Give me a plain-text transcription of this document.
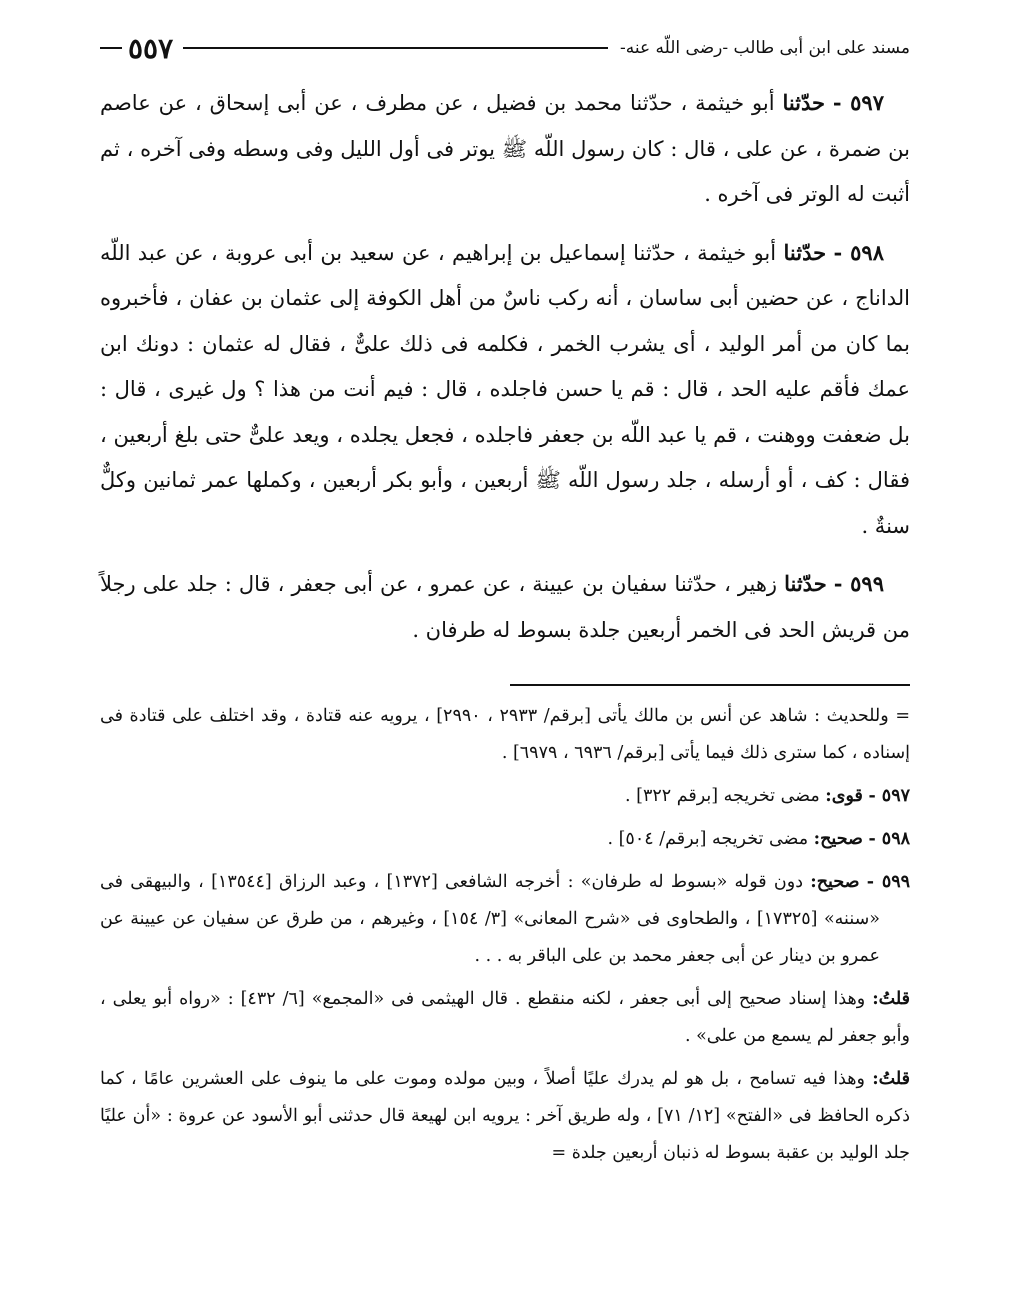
مسند على ابن أبى طالب -رضى اللّه عنه-
٥٥٧

٥٩٧ - حدّثنا أبو خيثمة ، حدّثنا محمد بن فضيل ، عن مطرف ، عن أبى إسحاق ، عن عاصم بن ضمرة ، عن على ، قال : كان رسول اللّه ﷺ يوتر فى أول الليل وفى وسطه وفى آخره ، ثم أثبت له الوتر فى آخره .

٥٩٨ - حدّثنا أبو خيثمة ، حدّثنا إسماعيل بن إبراهيم ، عن سعيد بن أبى عروبة ، عن عبد اللّه الداناج ، عن حضين أبى ساسان ، أنه ركب ناسٌ من أهل الكوفة إلى عثمان بن عفان ، فأخبروه بما كان من أمر الوليد ، أى يشرب الخمر ، فكلمه فى ذلك علىٌّ ، فقال له عثمان : دونك ابن عمك فأقم عليه الحد ، قال : قم يا حسن فاجلده ، قال : فيم أنت من هذا ؟ ول غيرى ، قال : بل ضعفت ووهنت ، قم يا عبد اللّه بن جعفر فاجلده ، فجعل يجلده ، ويعد علىٌّ حتى بلغ أربعين ، فقال : كف ، أو أرسله ، جلد رسول اللّه ﷺ أربعين ، وأبو بكر أربعين ، وكملها عمر ثمانين وكلٌّ سنةٌ .

٥٩٩ - حدّثنا زهير ، حدّثنا سفيان بن عيينة ، عن عمرو ، عن أبى جعفر ، قال : جلد على رجلاً من قريش الحد فى الخمر أربعين جلدة بسوط له طرفان .

= وللحديث : شاهد عن أنس بن مالك يأتى [برقم/ ٢٩٣٣ ، ٢٩٩٠] ، يرويه عنه قتادة ، وقد اختلف على قتادة فى إسناده ، كما سترى ذلك فيما يأتى [برقم/ ٦٩٣٦ ، ٦٩٧٩] .

٥٩٧ - قوى: مضى تخريجه [برقم ٣٢٢] .

٥٩٨ - صحيح: مضى تخريجه [برقم/ ٥٠٤] .

٥٩٩ - صحيح: دون قوله «بسوط له طرفان» : أخرجه الشافعى [١٣٧٢] ، وعبد الرزاق [١٣٥٤٤] ، والبيهقى فى «سننه» [١٧٣٢٥] ، والطحاوى فى «شرح المعانى» [٣/ ١٥٤] ، وغيرهم ، من طرق عن سفيان عن عيينة عن عمرو بن دينار عن أبى جعفر محمد بن على الباقر به . . .

قلتُ: وهذا إسناد صحيح إلى أبى جعفر ، لكنه منقطع . قال الهيثمى فى «المجمع» [٦/ ٤٣٢] : «رواه أبو يعلى ، وأبو جعفر لم يسمع من على» .

قلتُ: وهذا فيه تسامح ، بل هو لم يدرك عليًا أصلاً ، وبين مولده وموت على ما ينوف على العشرين عامًا ، كما ذكره الحافظ فى «الفتح» [١٢/ ٧١] ، وله طريق آخر : يرويه ابن لهيعة قال حدثنى أبو الأسود عن عروة : «أن عليًا جلد الوليد بن عقبة بسوط له ذنبان أربعين جلدة =
